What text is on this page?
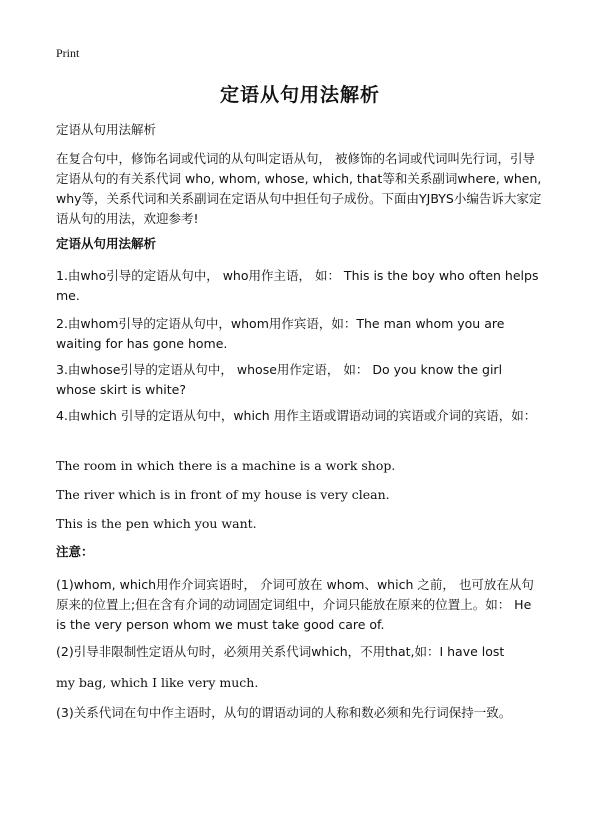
Print
定语从句用法解析
定语从句用法解析
在复合句中，修饰名词或代词的从句叫定语从句， 被修饰的名词或代词叫先行词，引导定语从句的有关系代词 who, whom, whose, which, that等和关系副词where, when, why等，关系代词和关系副词在定语从句中担任句子成份。下面由YJBYS小编告诉大家定语从句的用法，欢迎参考!
定语从句用法解析
1.由who引导的定语从句中， who用作主语， 如： This is the boy who often helps me.
2.由whom引导的定语从句中，whom用作宾语，如：The man whom you are waiting for has gone home.
3.由whose引导的定语从句中， whose用作定语， 如： Do you know the girl whose skirt is white?
4.由which 引导的定语从句中，which 用作主语或谓语动词的宾语或介词的宾语，如：
The room in which there is a machine is a work shop.
The river which is in front of my house is very clean.
This is the pen which you want.
注意：
(1)whom, which用作介词宾语时， 介词可放在 whom、which 之前， 也可放在从句原来的位置上;但在含有介词的动词固定词组中，介词只能放在原来的位置上。如： He is the very person whom we must take good care of.
(2)引导非限制性定语从句时，必须用关系代词which，不用that,如：I have lost
my bag, which I like very much.
(3)关系代词在句中作主语时，从句的谓语动词的人称和数必须和先行词保持一致。
